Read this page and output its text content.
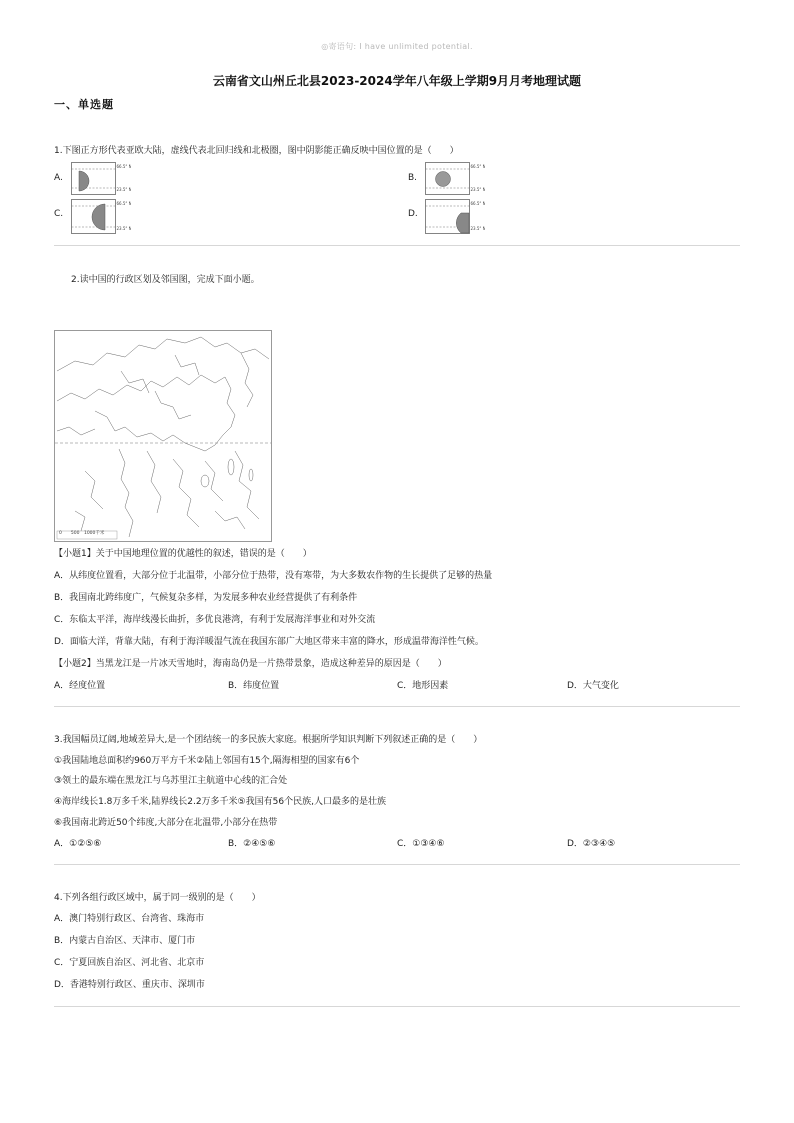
◎寄语句: I have unlimited potential.
云南省文山州丘北县2023-2024学年八年级上学期9月月考地理试题
一、单选题
1.下图正方形代表亚欧大陆，虚线代表北回归线和北极圈，图中阴影能正确反映中国位置的是（　　）
A.
66.5° N
23.5° N
B.
66.5° N
23.5° N
C.
66.5° N
23.5° N
D.
66.5° N
23.5° N
2.读中国的行政区划及邻国图，完成下面小题。
0　　500　1000千米
【小题1】关于中国地理位置的优越性的叙述，错误的是（　　）
A．从纬度位置看，大部分位于北温带，小部分位于热带，没有寒带，为大多数农作物的生长提供了足够的热量
B．我国南北跨纬度广，气候复杂多样，为发展多种农业经营提供了有利条件
C．东临太平洋，海岸线漫长曲折，多优良港湾，有利于发展海洋事业和对外交流
D．面临大洋，背靠大陆，有利于海洋暖湿气流在我国东部广大地区带来丰富的降水，形成温带海洋性气候。
【小题2】当黑龙江是一片冰天雪地时，海南岛仍是一片热带景象，造成这种差异的原因是（　　）
A．经度位置	B．纬度位置	C．地形因素	D．大气变化
3.我国幅员辽阔,地域差异大,是一个团结统一的多民族大家庭。根据所学知识判断下列叙述正确的是（　　）
①我国陆地总面积约960万平方千米②陆上邻国有15个,隔海相望的国家有6个
③领土的最东端在黑龙江与乌苏里江主航道中心线的汇合处
④海岸线长1.8万多千米,陆界线长2.2万多千米⑤我国有56个民族,人口最多的是壮族
⑥我国南北跨近50个纬度,大部分在北温带,小部分在热带
A．①②⑤⑥	B．②④⑤⑥	C．①③④⑥	D．②③④⑤
4.下列各组行政区域中，属于同一级别的是（　　）
A．澳门特别行政区、台湾省、珠海市
B．内蒙古自治区、天津市、厦门市
C．宁夏回族自治区、河北省、北京市
D．香港特别行政区、重庆市、深圳市
